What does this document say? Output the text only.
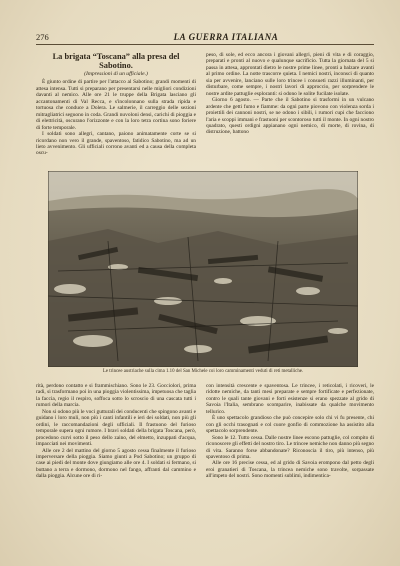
276	LA GUERRA ITALIANA
La brigata “Toscana” alla presa del Sabotino.
(Impressioni di un ufficiale.)

È giunto ordine di partire per l'attacco al Sabotino; grandi momenti di attesa intensa. Tutti si preparano per presentarsi nelle migliori condizioni davanti al nemico. Alle ore 21 le truppe della Brigata lasciano gli accantonamenti di Val Recca, e s'incolonnano sulla strada ripida e tortuosa che conduce a Dolera. Le salmerie, il carreggio delle sezioni mitragliatrici seguono in coda. Grandi nuvoloni densi, carichi di pioggia e di elettricità, oscurano l'orizzonte e con la loro tetra cortina sono foriere di forte temporale.

I soldati sono allegri, cantano, paiono animatamente corte se si ricordano non vero il grande, spaventoso, fatidico Sabotino, ma ad un lieto avvenimento. Gli ufficiali corrono avanti ed a causa della completa oscu-

peso, di sole, ed ecco ancora i giovani allegri, pieni di vita e di coraggio, preparati e pronti al nuovo e qualunque sacrificio. Tutta la giornata del 5 si passa in attesa, approntati dietro le nostre prime linee, pronti a balzare avanti al primo ordine. La notte trascorre quieta. I nemici nostri, inconsci di quanto sia per avvenire, lanciano sulle loro trincee i consueti razzi illuminanti, per disturbare, come sempre, i nostri lavori di approccio, per sorprendere le nostre ardite pattuglie esploranti: si odono le solite fucilate isolate.

Giorno 6 agosto. — Parte che il Sabotino si trasformi in un vulcano ardente che getti fumo e fiamme: da ogni parte piovono con violenza sorda i proiettili dei cannoni nostri, se ne odono i sibili, i rumori cupi che facciono l'aria e scoppi immani e frastuoni per scontoroso tutti il monte. In ogni nostro quadrato, questi ordigni appianano ogni nemico, di morte, di rovina, di distruzione, battono

Le trincee austriache sulla cima 1.10 del San Michele coi loro camminamenti veduti di reti metalliche.

rità, perdono contatto e si frammischiano. Sono le 23. Gocciolori, prima radi, si trasformano poi in una pioggia violentissima, impetuosa che taglia la faccia, regio il respiro, soffoca sotto lo scroscio di una cascata tutti i rumori della marcia.

Non si odono più le voci gutturali dei conducenti che spingono avanti e guidano i loro muli, non più i canti infantili e ieri dei soldati, non più gli ordini, le raccomandazioni degli ufficiali. Il frastuono del furioso temporale supera ogni rumore. I bravi soldati della brigata Toscana, però, procedono curvi sotto il peso dello zaino, del elmetto, inzuppati d'acqua, impacciati nei movimenti.

Alle ore 2 del mattino del giorno 5 agosto cessa finalmente il furioso imperversare della pioggia. Siamo giunti a Pod Sabotino; un gruppo di case ai piedi del monte dove giungiamo alle ore 4. I soldati si fermano, si buttano a terra e dormono, dormono nel fango, affranti dal cammino e dalla pioggia. Alcune ore di ri-

con intensità crescente e spaventosa. Le trincee, i reticolati, i ricoveri, le ridotte nemiche, da tanti mesi preparate e sempre fortificate e perfezionate, contro le quali tante giovani e forti esistenze si erano spezzate al grido di Savoia l'Italia, sembrano scomparire, inabissate da qualche movimento tellurico.

È uno spettacolo grandioso che può concepire solo chi vi fu presente, chi con gli occhi trasognati e col cuore gonfio di commozione ha assistito alla spettacolo sorprendente.

Sono le 12. Tutto cessa. Dalle nostre linee escono pattuglie, col compito di riconoscere gli effetti del nostro tiro. Le trincee nemiche non danno più segno di vita. Saranno forse abbandonate? Riconoscia il tiro, più intenso, più spaventoso di prima.

Alle ore 16 precise cessa, ed al grido di Savoia erompono dal petto degli eroi granatieri di Toscana, la trincea nemiche sono travolte, sorpassate all'impeto del nostri. Sono momenti sublimi, indimentica-
